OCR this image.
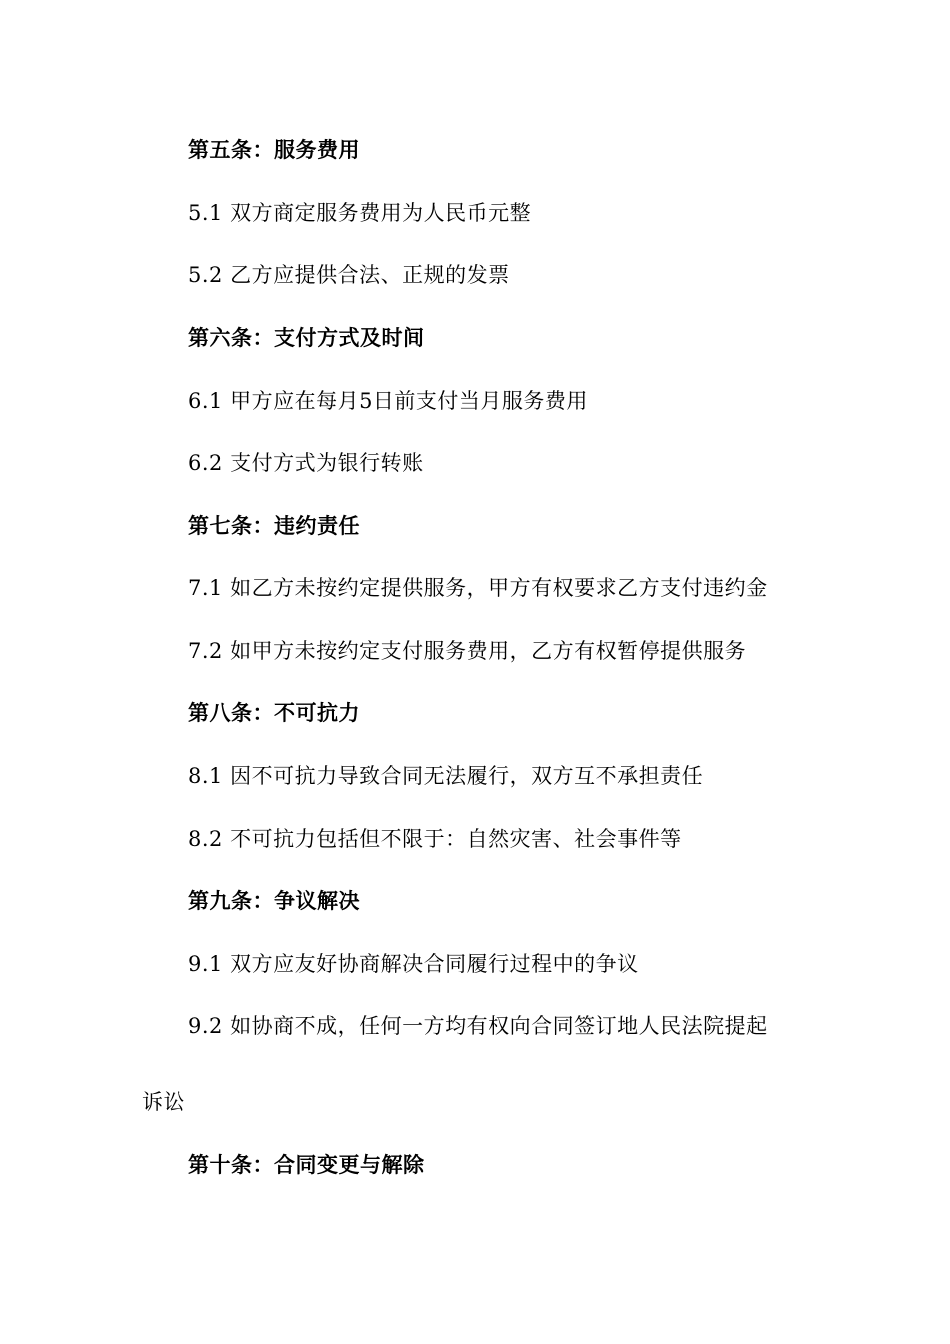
第五条：服务费用
5.1 双方商定服务费用为人民币元整
5.2 乙方应提供合法、正规的发票
第六条：支付方式及时间
6.1 甲方应在每月5日前支付当月服务费用
6.2 支付方式为银行转账
第七条：违约责任
7.1 如乙方未按约定提供服务，甲方有权要求乙方支付违约金
7.2 如甲方未按约定支付服务费用，乙方有权暂停提供服务
第八条：不可抗力
8.1 因不可抗力导致合同无法履行，双方互不承担责任
8.2 不可抗力包括但不限于：自然灾害、社会事件等
第九条：争议解决
9.1 双方应友好协商解决合同履行过程中的争议
9.2 如协商不成，任何一方均有权向合同签订地人民法院提起
诉讼
第十条：合同变更与解除
